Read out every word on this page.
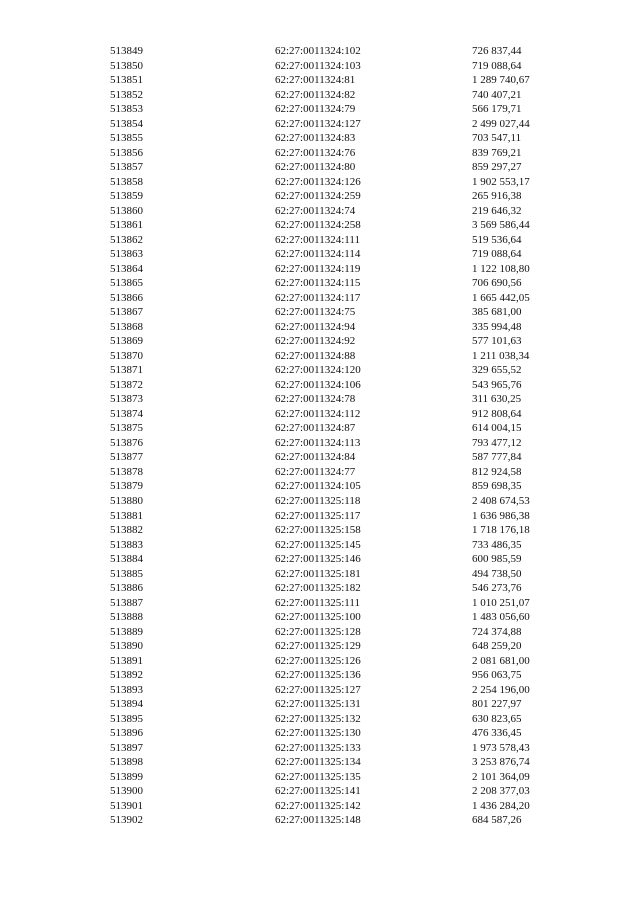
513849	62:27:0011324:102	726 837,44
513850	62:27:0011324:103	719 088,64
513851	62:27:0011324:81	1 289 740,67
513852	62:27:0011324:82	740 407,21
513853	62:27:0011324:79	566 179,71
513854	62:27:0011324:127	2 499 027,44
513855	62:27:0011324:83	703 547,11
513856	62:27:0011324:76	839 769,21
513857	62:27:0011324:80	859 297,27
513858	62:27:0011324:126	1 902 553,17
513859	62:27:0011324:259	265 916,38
513860	62:27:0011324:74	219 646,32
513861	62:27:0011324:258	3 569 586,44
513862	62:27:0011324:111	519 536,64
513863	62:27:0011324:114	719 088,64
513864	62:27:0011324:119	1 122 108,80
513865	62:27:0011324:115	706 690,56
513866	62:27:0011324:117	1 665 442,05
513867	62:27:0011324:75	385 681,00
513868	62:27:0011324:94	335 994,48
513869	62:27:0011324:92	577 101,63
513870	62:27:0011324:88	1 211 038,34
513871	62:27:0011324:120	329 655,52
513872	62:27:0011324:106	543 965,76
513873	62:27:0011324:78	311 630,25
513874	62:27:0011324:112	912 808,64
513875	62:27:0011324:87	614 004,15
513876	62:27:0011324:113	793 477,12
513877	62:27:0011324:84	587 777,84
513878	62:27:0011324:77	812 924,58
513879	62:27:0011324:105	859 698,35
513880	62:27:0011325:118	2 408 674,53
513881	62:27:0011325:117	1 636 986,38
513882	62:27:0011325:158	1 718 176,18
513883	62:27:0011325:145	733 486,35
513884	62:27:0011325:146	600 985,59
513885	62:27:0011325:181	494 738,50
513886	62:27:0011325:182	546 273,76
513887	62:27:0011325:111	1 010 251,07
513888	62:27:0011325:100	1 483 056,60
513889	62:27:0011325:128	724 374,88
513890	62:27:0011325:129	648 259,20
513891	62:27:0011325:126	2 081 681,00
513892	62:27:0011325:136	956 063,75
513893	62:27:0011325:127	2 254 196,00
513894	62:27:0011325:131	801 227,97
513895	62:27:0011325:132	630 823,65
513896	62:27:0011325:130	476 336,45
513897	62:27:0011325:133	1 973 578,43
513898	62:27:0011325:134	3 253 876,74
513899	62:27:0011325:135	2 101 364,09
513900	62:27:0011325:141	2 208 377,03
513901	62:27:0011325:142	1 436 284,20
513902	62:27:0011325:148	684 587,26
